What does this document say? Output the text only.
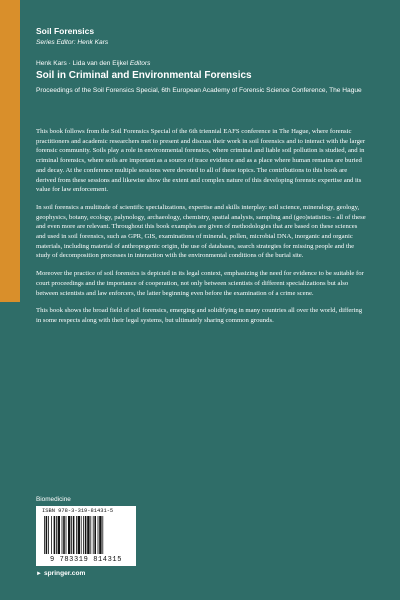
Soil Forensics
Series Editor: Henk Kars
Henk Kars · Lida van den Eijkel Editors
Soil in Criminal and Environmental Forensics
Proceedings of the Soil Forensics Special, 6th European Academy of Forensic Science Conference, The Hague

This book follows from the Soil Forensics Special of the 6th triennial EAFS conference in The Hague, where forensic practitioners and academic researchers met to present and discuss their work in soil forensics and to interact with the larger forensic community. Soils play a role in environmental forensics, where criminal and liable soil pollution is studied, and in criminal forensics, where soils are important as a source of trace evidence and as a place where human remains are buried and decay. At the conference multiple sessions were devoted to all of these topics. The contributions to this book are derived from these sessions and likewise show the extent and complex nature of this developing forensic expertise and its value for law enforcement.

In soil forensics a multitude of scientific specializations, expertise and skills interplay: soil science, mineralogy, geology, geophysics, botany, ecology, palynology, archaeology, chemistry, spatial analysis, sampling and (geo)statistics - all of these and even more are relevant. Throughout this book examples are given of methodologies that are based on these sciences and used in soil forensics, such as GPR, GIS, examinations of minerals, pollen, microbial DNA, inorganic and organic materials, including material of anthropogenic origin, the use of databases, search strategies for missing people and the study of decomposition processes in interaction with the environmental conditions of the burial site.

Moreover the practice of soil forensics is depicted in its legal context, emphasizing the need for evidence to be suitable for court proceedings and the importance of cooperation, not only between scientists of different specializations but also between scientists and law enforcers, the latter beginning even before the examination of a crime scene.

This book shows the broad field of soil forensics, emerging and solidifying in many countries all over the world, differing in some respects along with their legal systems, but ultimately sharing common grounds.

Biomedicine
ISBN 978-3-319-81431-5
9 783319 814315
► springer.com
